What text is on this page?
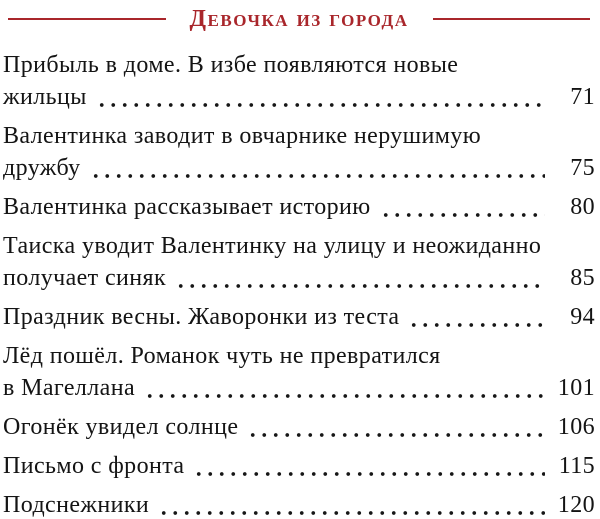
Девочка из города
Прибыль в доме. В избе появляются новые
жильцы	71
Валентинка заводит в овчарнике нерушимую
дружбу	75
Валентинка рассказывает историю	80
Таиска уводит Валентинку на улицу и неожиданно
получает синяк	85
Праздник весны. Жаворонки из теста	94
Лёд пошёл. Романок чуть не превратился
в Магеллана	101
Огонёк увидел солнце	106
Письмо с фронта	115
Подснежники	120
